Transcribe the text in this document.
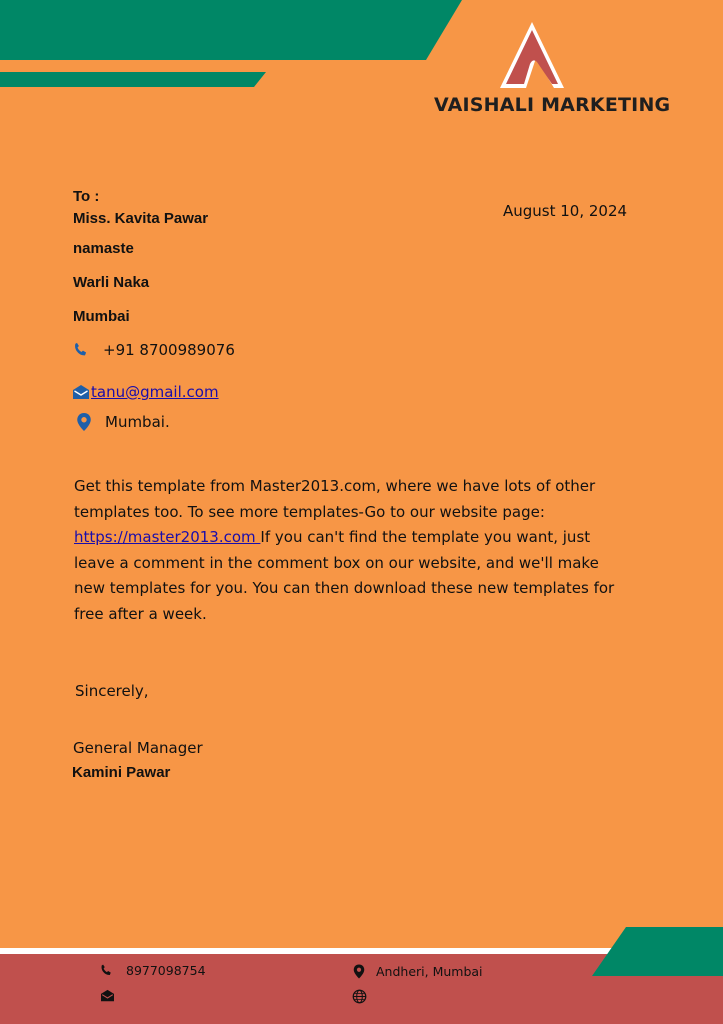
VAISHALI MARKETING
To :
Miss. Kavita Pawar
namaste
Warli Naka
Mumbai
August 10, 2024
+91 8700989076
tanu@gmail.com
Mumbai.

Get this template from Master2013.com, where we have lots of other templates too. To see more templates-Go to our website page: https://master2013.com If you can't find the template you want, just leave a comment in the comment box on our website, and we'll make new templates for you. You can then download these new templates for free after a week.

Sincerely,
General Manager
Kamini Pawar
8977098754	Andheri, Mumbai
